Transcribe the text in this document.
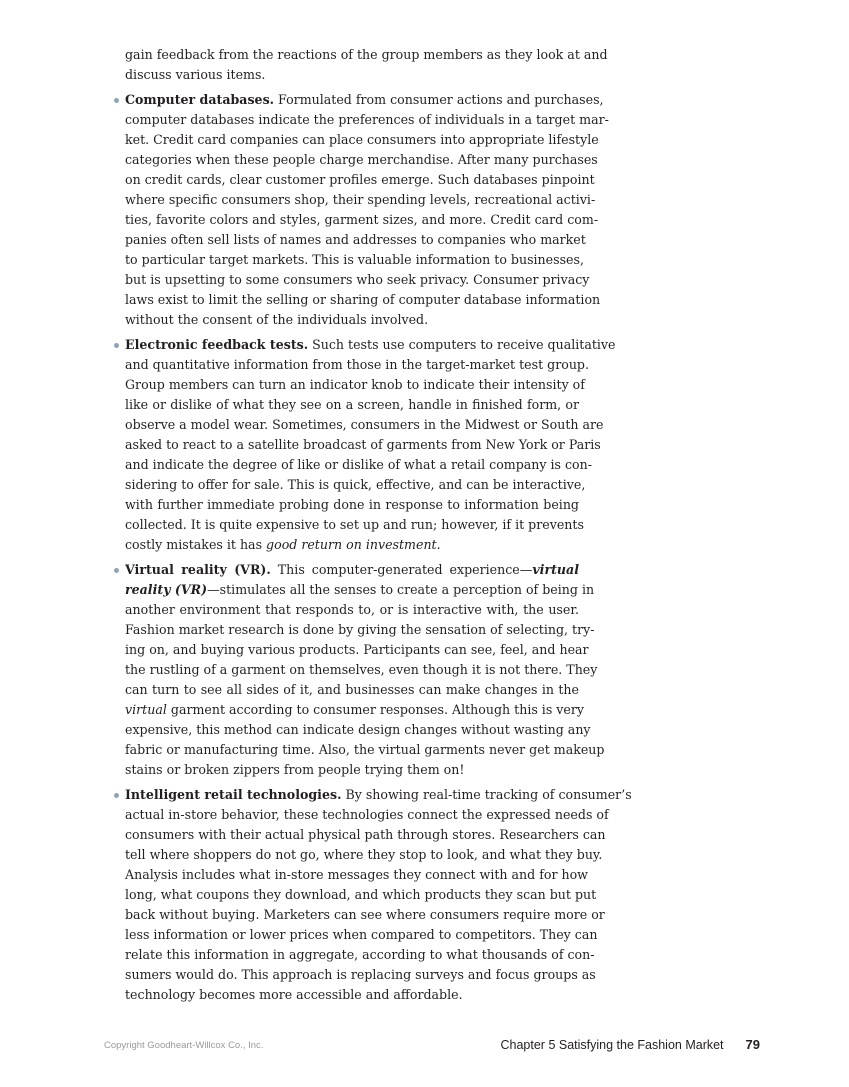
gain feedback from the reactions of the group members as they look at and
discuss various items.
Computer databases. Formulated from consumer actions and purchases,
computer databases indicate the preferences of individuals in a target mar-
ket. Credit card companies can place consumers into appropriate lifestyle
categories when these people charge merchandise. After many purchases
on credit cards, clear customer profiles emerge. Such databases pinpoint
where specific consumers shop, their spending levels, recreational activi-
ties, favorite colors and styles, garment sizes, and more. Credit card com-
panies often sell lists of names and addresses to companies who market
to particular target markets. This is valuable information to businesses,
but is upsetting to some consumers who seek privacy. Consumer privacy
laws exist to limit the selling or sharing of computer database information
without the consent of the individuals involved.
Electronic feedback tests. Such tests use computers to receive qualitative
and quantitative information from those in the target-market test group.
Group members can turn an indicator knob to indicate their intensity of
like or dislike of what they see on a screen, handle in finished form, or
observe a model wear. Sometimes, consumers in the Midwest or South are
asked to react to a satellite broadcast of garments from New York or Paris
and indicate the degree of like or dislike of what a retail company is con-
sidering to offer for sale. This is quick, effective, and can be interactive,
with further immediate probing done in response to information being
collected. It is quite expensive to set up and run; however, if it prevents
costly mistakes it has good return on investment.
Virtual reality (VR). This computer-generated experience—virtual
reality (VR)—stimulates all the senses to create a perception of being in
another environment that responds to, or is interactive with, the user.
Fashion market research is done by giving the sensation of selecting, try-
ing on, and buying various products. Participants can see, feel, and hear
the rustling of a garment on themselves, even though it is not there. They
can turn to see all sides of it, and businesses can make changes in the
virtual garment according to consumer responses. Although this is very
expensive, this method can indicate design changes without wasting any
fabric or manufacturing time. Also, the virtual garments never get makeup
stains or broken zippers from people trying them on!
Intelligent retail technologies. By showing real-time tracking of consumer’s
actual in-store behavior, these technologies connect the expressed needs of
consumers with their actual physical path through stores. Researchers can
tell where shoppers do not go, where they stop to look, and what they buy.
Analysis includes what in-store messages they connect with and for how
long, what coupons they download, and which products they scan but put
back without buying. Marketers can see where consumers require more or
less information or lower prices when compared to competitors. They can
relate this information in aggregate, according to what thousands of con-
sumers would do. This approach is replacing surveys and focus groups as
technology becomes more accessible and affordable.
Copyright Goodheart-Willcox Co., Inc.	Chapter 5 Satisfying the Fashion Market 79
